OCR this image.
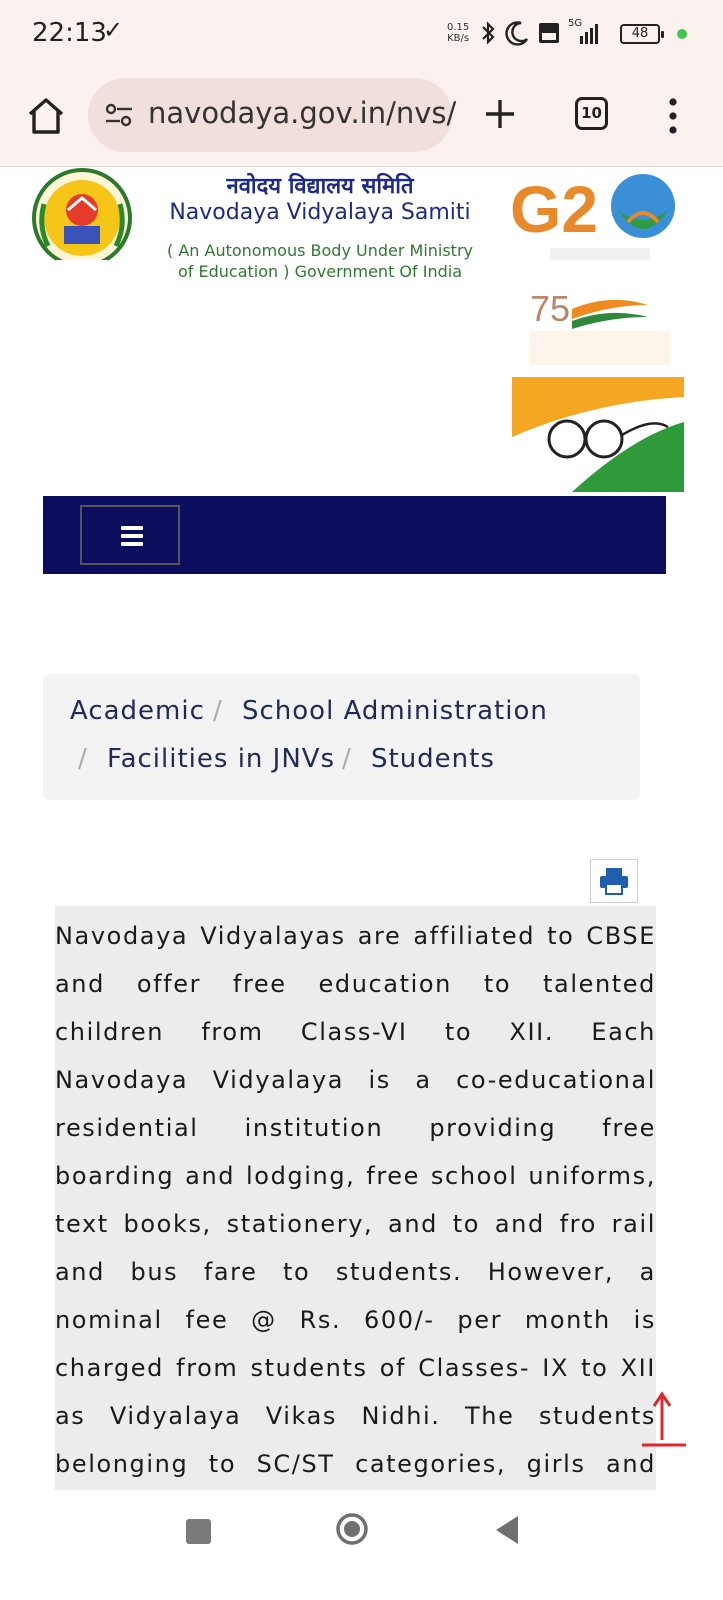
22:13
✓	0.15
KB/s
5G
48
navodaya.gov.in/nvs/	10
नवोदय विद्यालय समिति
Navodaya Vidyalaya Samiti
( An Autonomous Body Under Ministry
of Education ) Government Of India
G2
75
Academic / School Administration
/ Facilities in JNVs / Students

Navodaya Vidyalayas are affiliated to CBSE and offer free education to talented children from Class-VI to XII. Each Navodaya Vidyalaya is a co-educational residential institution providing free boarding and lodging, free school uniforms, text books, stationery, and to and fro rail and bus fare to students. However, a nominal fee @ Rs. 600/- per month is charged from students of Classes- IX to XII as Vidyalaya Vikas Nidhi. The students belonging to SC/ST categories, girls and
